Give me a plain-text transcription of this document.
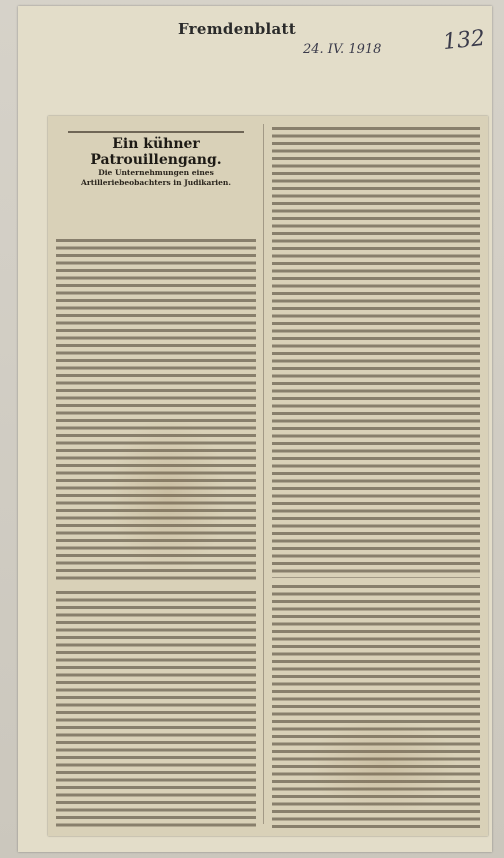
Fremdenblatt
24. IV. 1918	132
Ein kühner Patrouillengang.
Die Unternehmungen eines Artilleriebeobachters in Judikarien.
